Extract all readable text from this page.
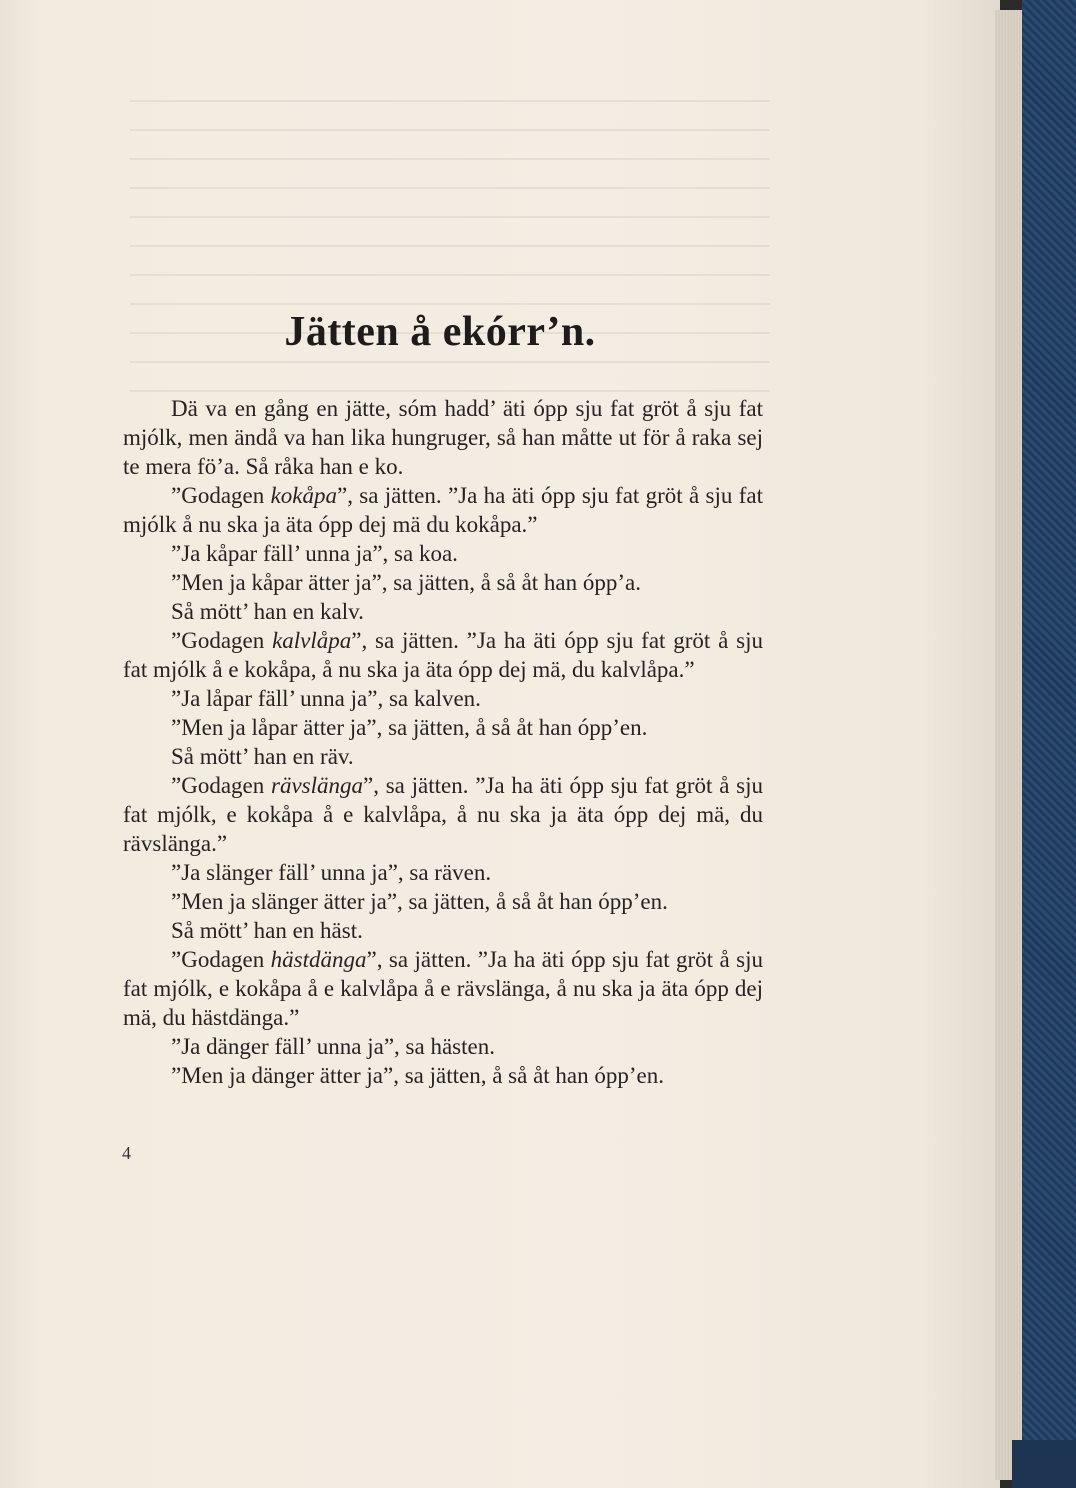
Jätten å ekórr’n.

Dä va en gång en jätte, sóm hadd’ äti ópp sju fat gröt å sju fat mjólk, men ändå va han lika hungruger, så han måtte ut för å raka sej te mera fö’a. Så råka han e ko.

”Godagen kokåpa”, sa jätten. ”Ja ha äti ópp sju fat gröt å sju fat mjólk å nu ska ja äta ópp dej mä du kokåpa.”

”Ja kåpar fäll’ unna ja”, sa koa.

”Men ja kåpar ätter ja”, sa jätten, å så åt han ópp’a.

Så mött’ han en kalv.

”Godagen kalvlåpa”, sa jätten. ”Ja ha äti ópp sju fat gröt å sju fat mjólk å e kokåpa, å nu ska ja äta ópp dej mä, du kalvlåpa.”

”Ja låpar fäll’ unna ja”, sa kalven.

”Men ja låpar ätter ja”, sa jätten, å så åt han ópp’en.

Så mött’ han en räv.

”Godagen rävslänga”, sa jätten. ”Ja ha äti ópp sju fat gröt å sju fat mjólk, e kokåpa å e kalvlåpa, å nu ska ja äta ópp dej mä, du rävslänga.”

”Ja slänger fäll’ unna ja”, sa räven.

”Men ja slänger ätter ja”, sa jätten, å så åt han ópp’en.

Så mött’ han en häst.

”Godagen hästdänga”, sa jätten. ”Ja ha äti ópp sju fat gröt å sju fat mjólk, e kokåpa å e kalvlåpa å e rävslänga, å nu ska ja äta ópp dej mä, du hästdänga.”

”Ja dänger fäll’ unna ja”, sa hästen.

”Men ja dänger ätter ja”, sa jätten, å så åt han ópp’en.

4
